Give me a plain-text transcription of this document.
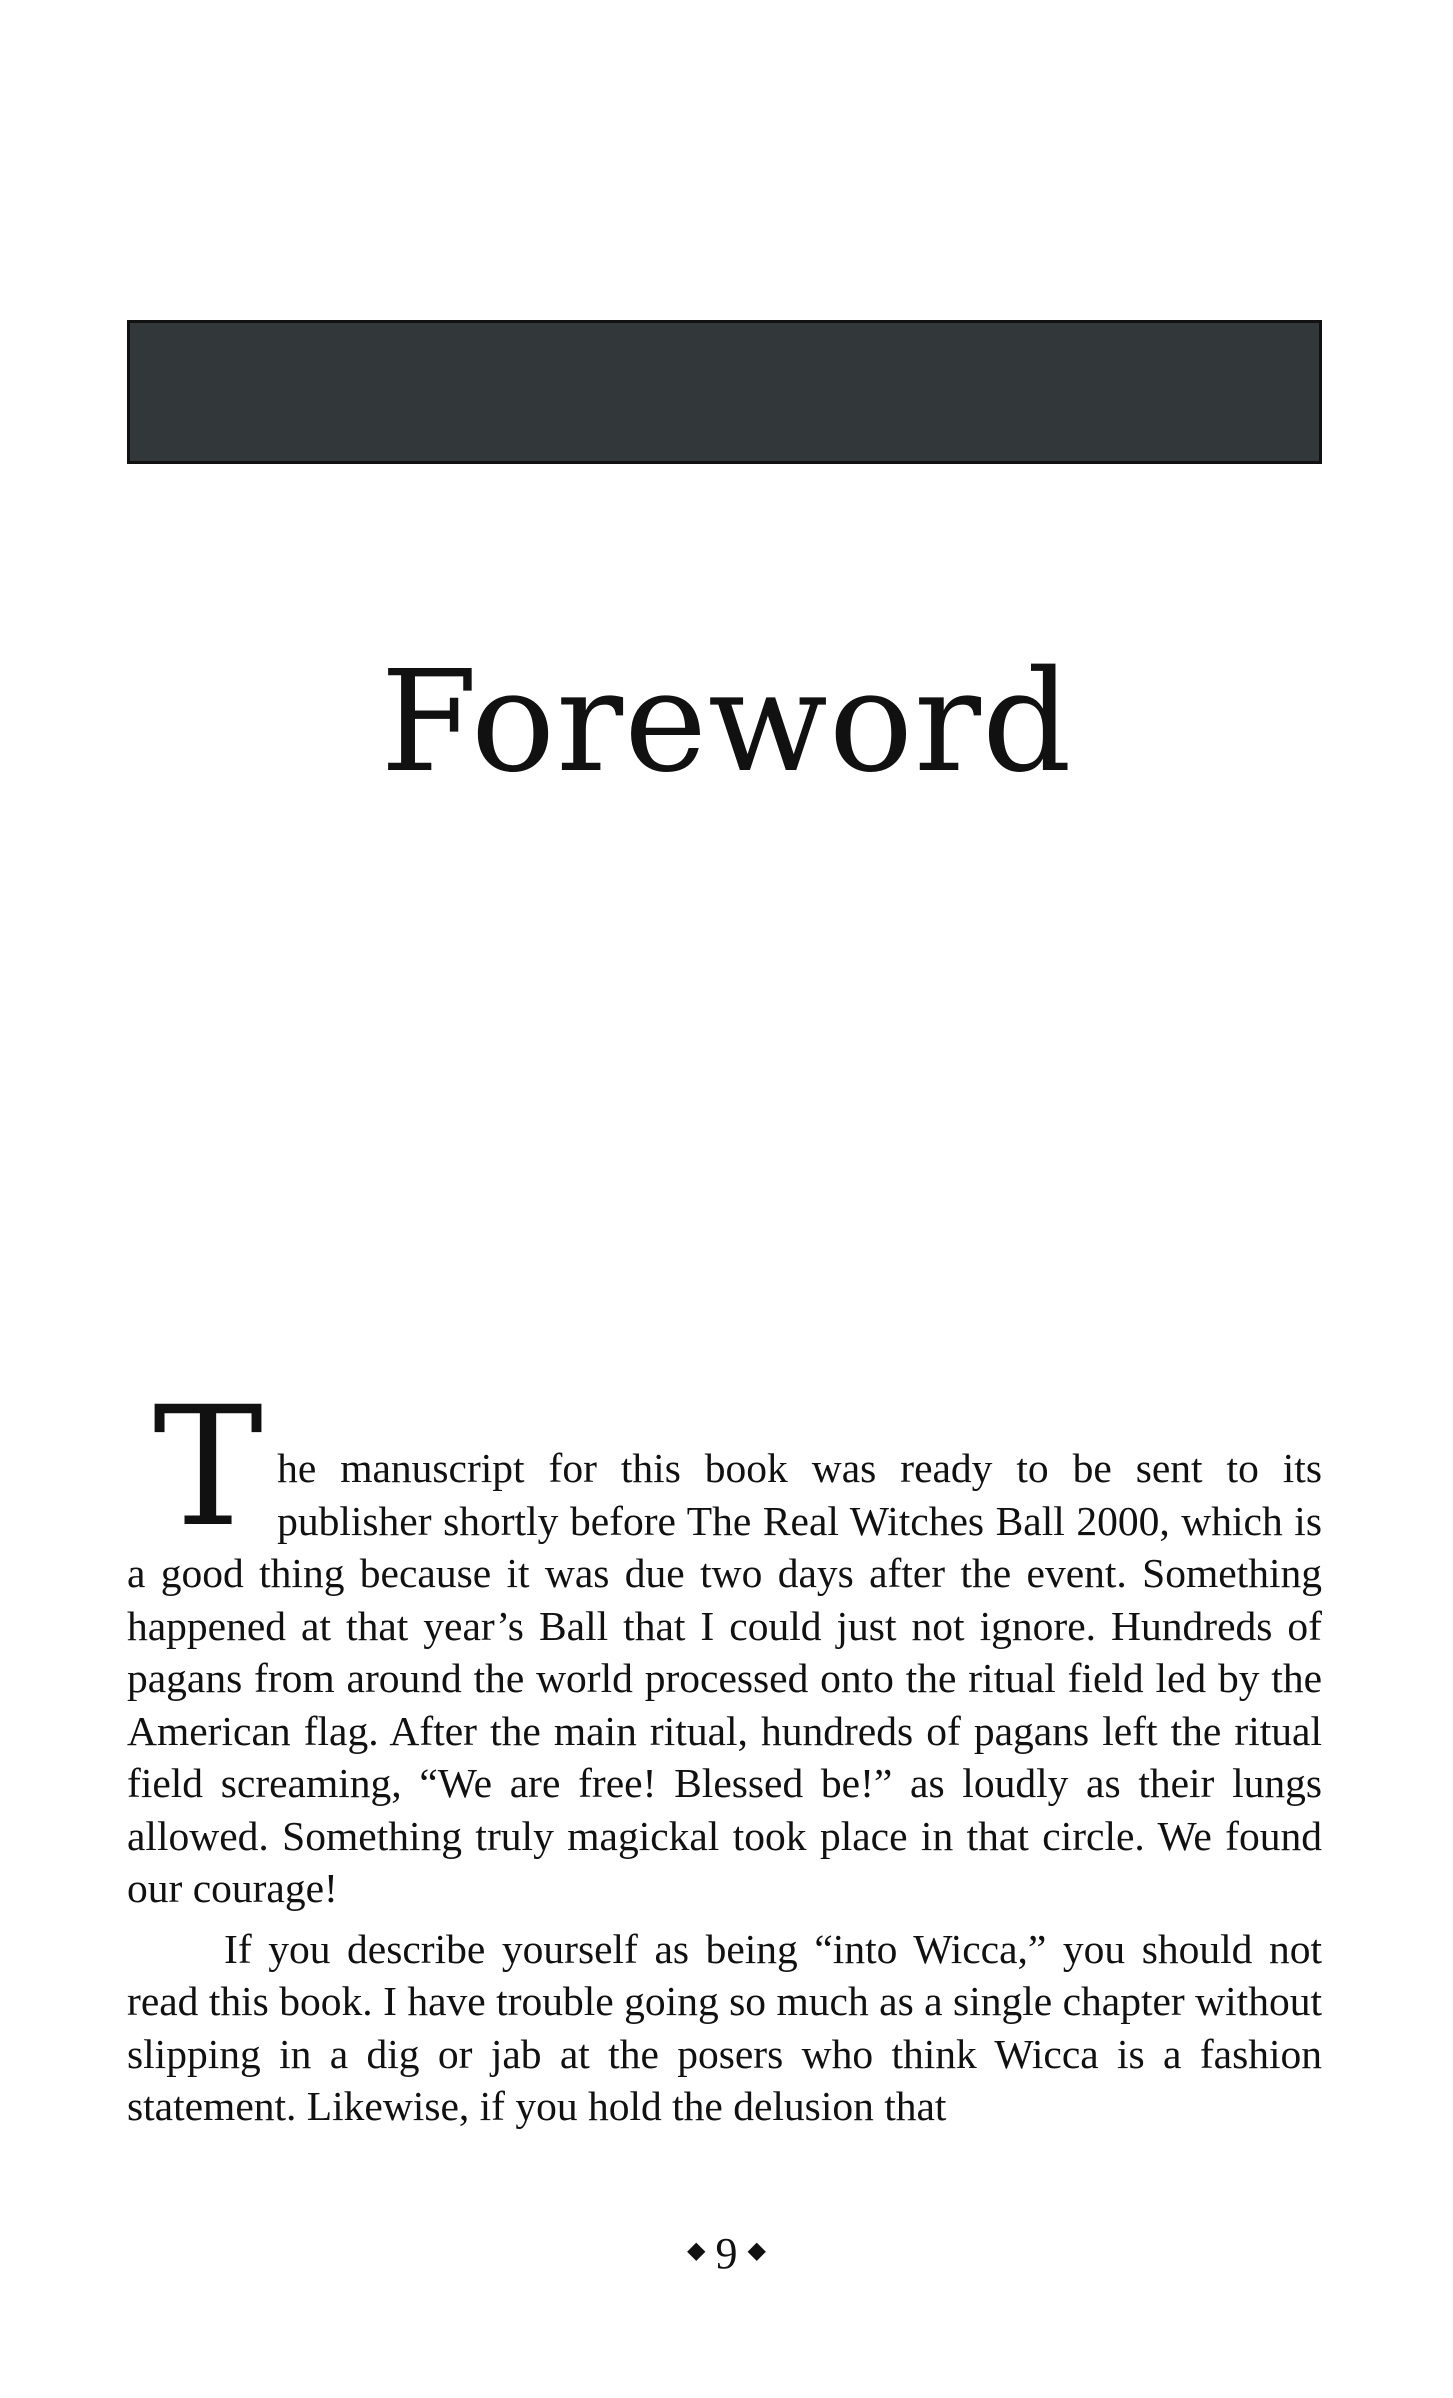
Foreword

The manuscript for this book was ready to be sent to its publisher shortly before The Real Witches Ball 2000, which is a good thing because it was due two days after the event. Something happened at that year’s Ball that I could just not ignore. Hundreds of pagans from around the world processed onto the ritual field led by the American flag. After the main ritual, hundreds of pagans left the ritual field screaming, “We are free! Blessed be!” as loudly as their lungs allowed. Something truly magickal took place in that circle. We found our courage!

If you describe yourself as being “into Wicca,” you should not read this book. I have trouble going so much as a single chapter without slipping in a dig or jab at the posers who think Wicca is a fashion statement. Likewise, if you hold the delusion that

◆ 9 ◆
